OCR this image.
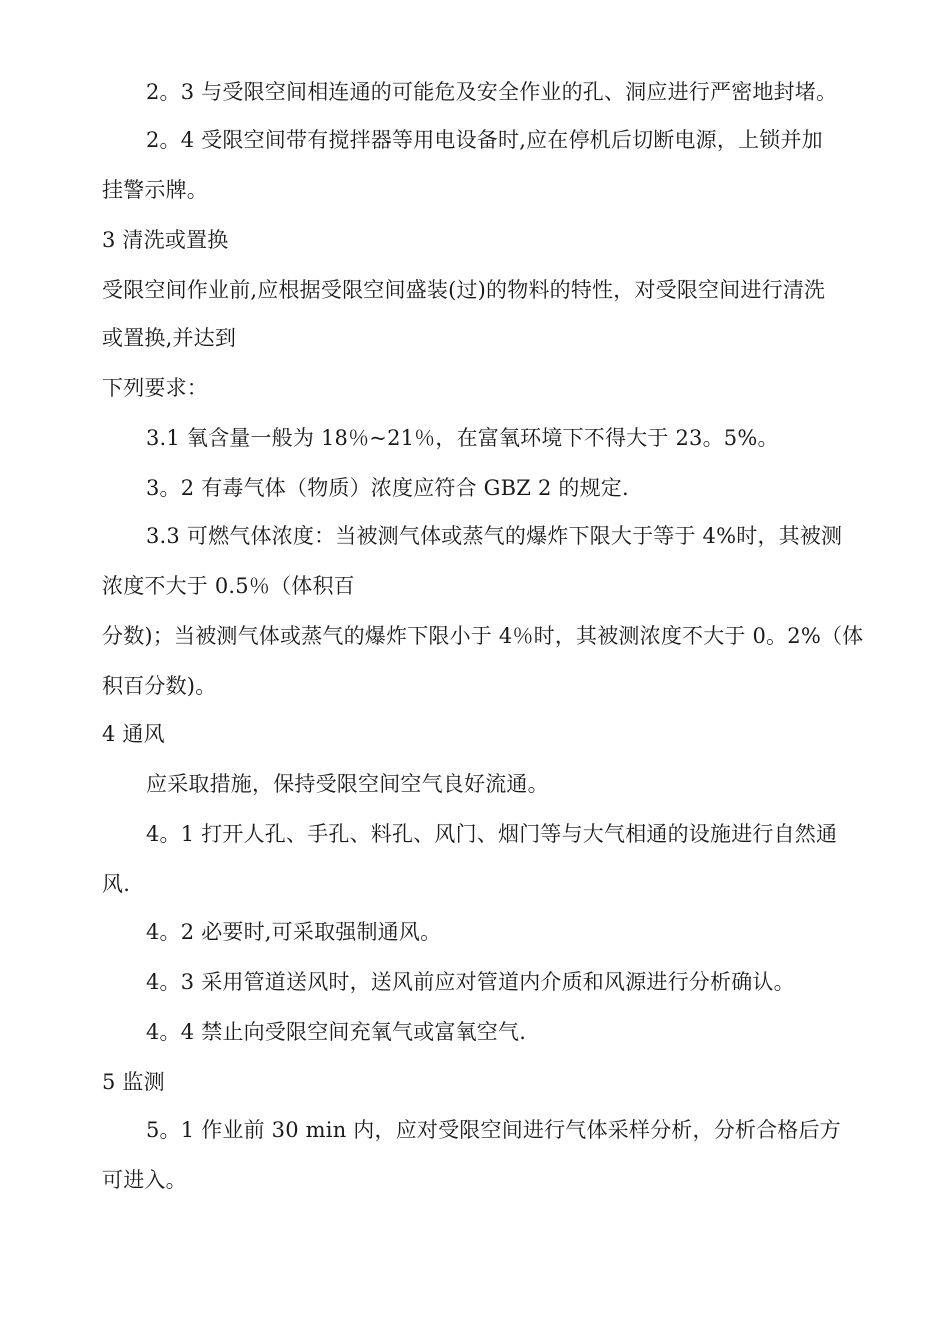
2。3 与受限空间相连通的可能危及安全作业的孔、洞应进行严密地封堵。
2。4 受限空间带有搅拌器等用电设备时,应在停机后切断电源，上锁并加
挂警示牌。
3 清洗或置换
受限空间作业前,应根据受限空间盛装(过)的物料的特性，对受限空间进行清洗
或置换,并达到
下列要求：
3.1 氧含量一般为 18％~21％，在富氧环境下不得大于 23。5%。
3。2 有毒气体（物质）浓度应符合 GBZ 2 的规定.
3.3 可燃气体浓度：当被测气体或蒸气的爆炸下限大于等于 4%时，其被测
浓度不大于 0.5％（体积百
分数)；当被测气体或蒸气的爆炸下限小于 4％时，其被测浓度不大于 0。2%（体
积百分数)。
4 通风
应采取措施，保持受限空间空气良好流通。
4。1 打开人孔、手孔、料孔、风门、烟门等与大气相通的设施进行自然通
风.
4。2 必要时,可采取强制通风。
4。3 采用管道送风时，送风前应对管道内介质和风源进行分析确认。
4。4 禁止向受限空间充氧气或富氧空气.
5 监测
5。1 作业前 30 min 内，应对受限空间进行气体采样分析，分析合格后方
可进入。
